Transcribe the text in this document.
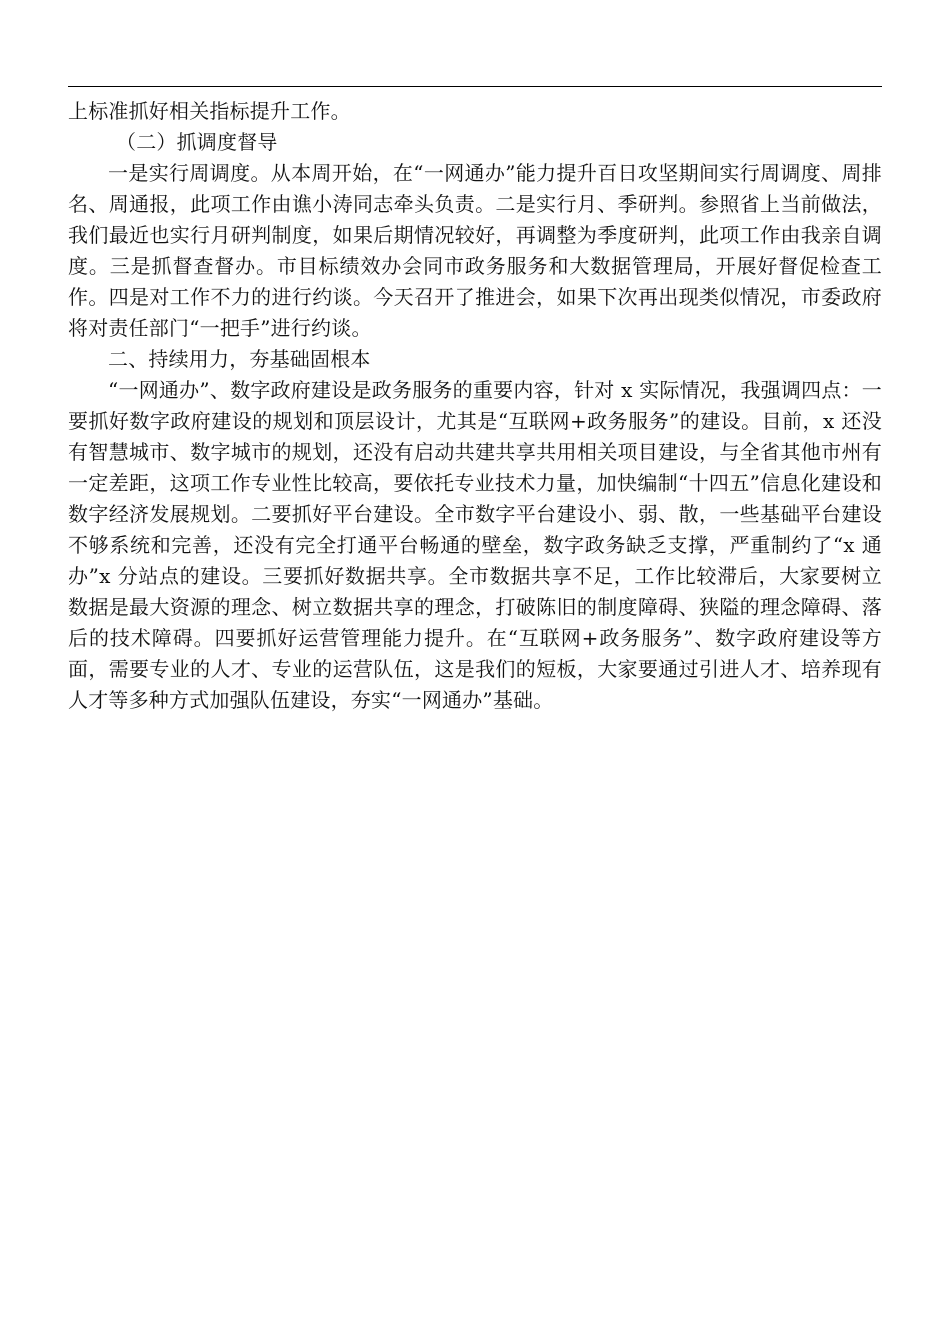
上标准抓好相关指标提升工作。

（二）抓调度督导

一是实行周调度。从本周开始，在“一网通办”能力提升百日攻坚期间实行周调度、周排名、周通报，此项工作由谯小涛同志牵头负责。二是实行月、季研判。参照省上当前做法，我们最近也实行月研判制度，如果后期情况较好，再调整为季度研判，此项工作由我亲自调度。三是抓督查督办。市目标绩效办会同市政务服务和大数据管理局，开展好督促检查工作。四是对工作不力的进行约谈。今天召开了推进会，如果下次再出现类似情况，市委政府将对责任部门“一把手”进行约谈。

二、持续用力，夯基础固根本

“一网通办”、数字政府建设是政务服务的重要内容，针对 x 实际情况，我强调四点：一要抓好数字政府建设的规划和顶层设计，尤其是“互联网+政务服务”的建设。目前，x 还没有智慧城市、数字城市的规划，还没有启动共建共享共用相关项目建设，与全省其他市州有一定差距，这项工作专业性比较高，要依托专业技术力量，加快编制“十四五”信息化建设和数字经济发展规划。二要抓好平台建设。全市数字平台建设小、弱、散，一些基础平台建设不够系统和完善，还没有完全打通平台畅通的壁垒，数字政务缺乏支撑，严重制约了“x 通办”x 分站点的建设。三要抓好数据共享。全市数据共享不足，工作比较滞后，大家要树立数据是最大资源的理念、树立数据共享的理念，打破陈旧的制度障碍、狭隘的理念障碍、落后的技术障碍。四要抓好运营管理能力提升。在“互联网+政务服务”、数字政府建设等方面，需要专业的人才、专业的运营队伍，这是我们的短板，大家要通过引进人才、培养现有人才等多种方式加强队伍建设，夯实“一网通办”基础。
